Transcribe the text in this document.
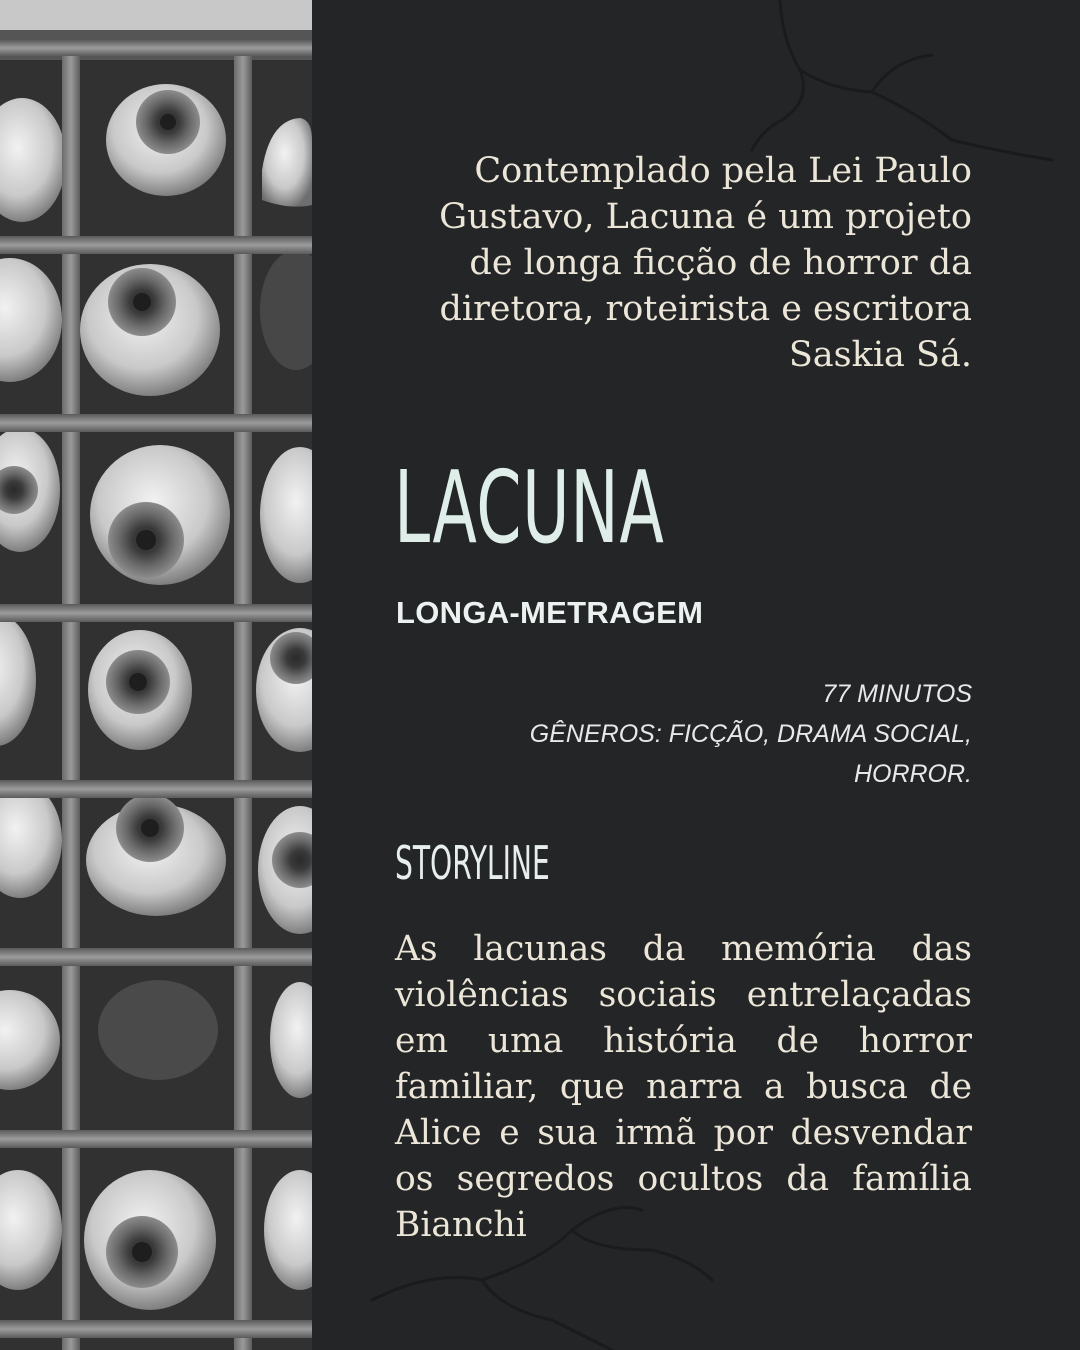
Contemplado pela Lei Paulo Gustavo, Lacuna é um projeto de longa ficção de horror da diretora, roteirista e escritora Saskia Sá.

LACUNA
LONGA-METRAGEM
77 MINUTOS
GÊNEROS: FICÇÃO, DRAMA SOCIAL,
HORROR.
STORYLINE

As lacunas da memória das violências sociais entrelaçadas em uma história de horror familiar, que narra a busca de Alice e sua irmã por desvendar os segredos ocultos da família Bianchi
